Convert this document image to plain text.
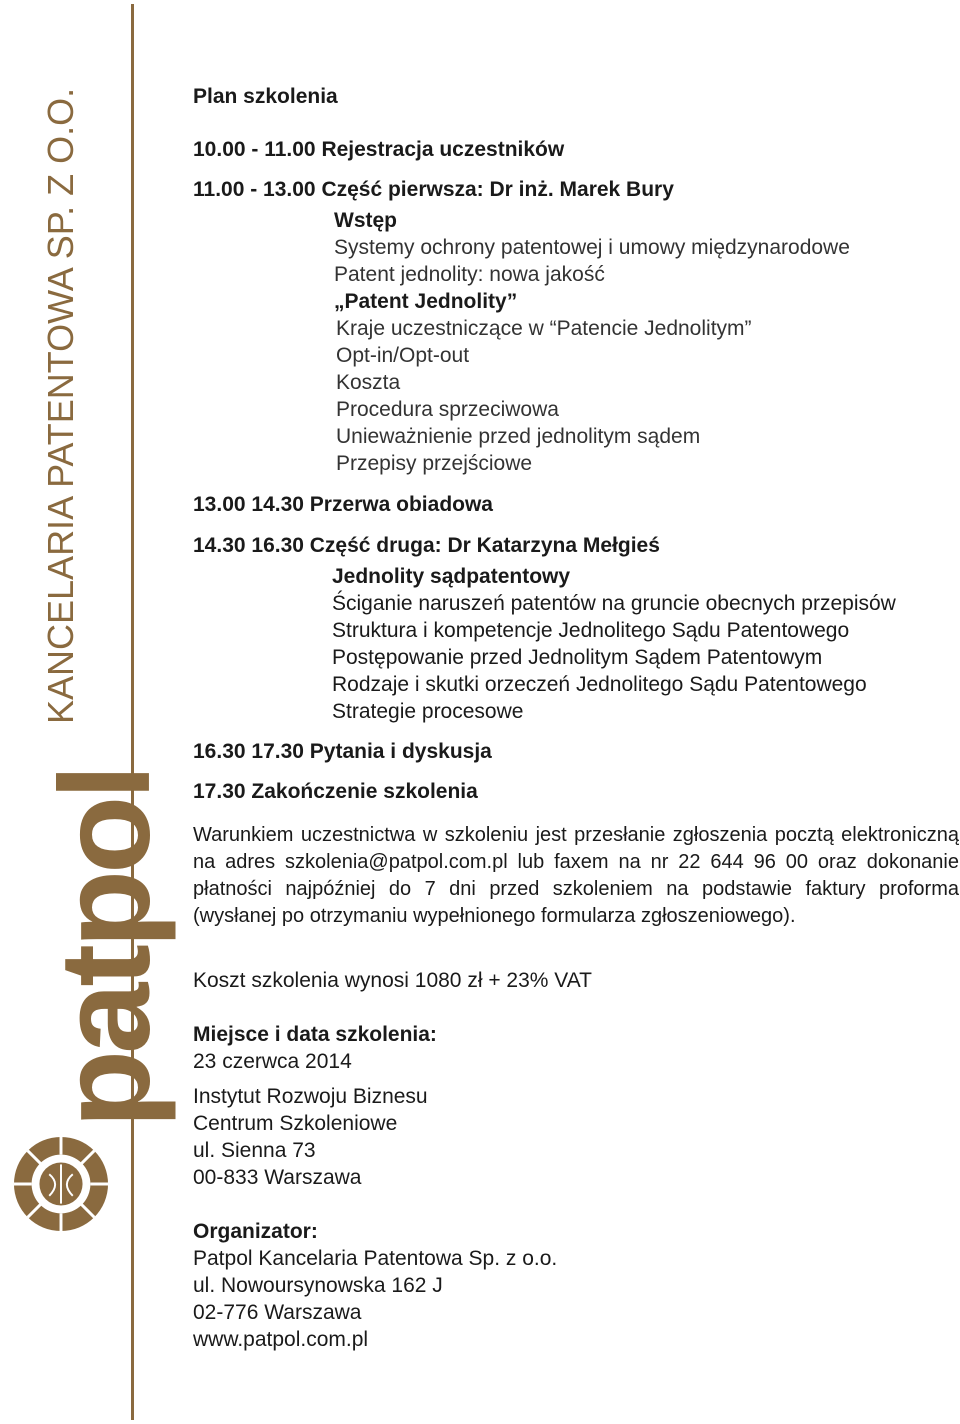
KANCELARIA PATENTOWA SP. Z O.O.
patpol
Plan szkolenia
10.00 - 11.00 Rejestracja uczestników
11.00 - 13.00 Część pierwsza: Dr inż. Marek Bury
Wstęp
Systemy ochrony patentowej i umowy międzynarodowe
Patent jednolity: nowa jakość
„Patent Jednolity”
Kraje uczestniczące w “Patencie Jednolitym”
Opt-in/Opt-out
Koszta
Procedura sprzeciwowa
Unieważnienie przed jednolitym sądem
Przepisy przejściowe
13.00 14.30 Przerwa obiadowa
14.30 16.30 Część druga: Dr Katarzyna Mełgieś
Jednolity sądpatentowy
Ściganie naruszeń patentów na gruncie obecnych przepisów
Struktura i kompetencje Jednolitego Sądu Patentowego
Postępowanie przed Jednolitym Sądem Patentowym
Rodzaje i skutki orzeczeń Jednolitego Sądu Patentowego
Strategie procesowe
16.30 17.30 Pytania i dyskusja
17.30 Zakończenie szkolenia
Warunkiem uczestnictwa w szkoleniu jest przesłanie zgłoszenia pocztą elektroniczną na adres szkolenia@patpol.com.pl lub faxem na nr 22 644 96 00 oraz dokonanie płatności najpóźniej do 7 dni przed szkoleniem na podstawie faktury proforma (wysłanej po otrzymaniu wypełnionego formularza zgłoszeniowego).
Koszt szkolenia wynosi 1080 zł + 23% VAT
Miejsce i data szkolenia:
23 czerwca 2014
Instytut Rozwoju Biznesu
Centrum Szkoleniowe
ul. Sienna 73
00-833 Warszawa
Organizator:
Patpol Kancelaria Patentowa Sp. z o.o.
ul. Nowoursynowska 162 J
02-776 Warszawa
www.patpol.com.pl
